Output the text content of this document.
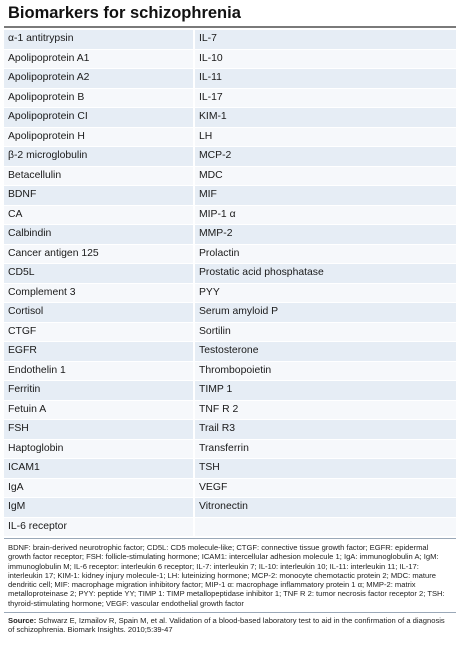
Biomarkers for schizophrenia
α-1 antitrypsin	IL-7
Apolipoprotein A1	IL-10
Apolipoprotein A2	IL-11
Apolipoprotein B	IL-17
Apolipoprotein CI	KIM-1
Apolipoprotein H	LH
β-2 microglobulin	MCP-2
Betacellulin	MDC
BDNF	MIF
CA	MIP-1 α
Calbindin	MMP-2
Cancer antigen 125	Prolactin
CD5L	Prostatic acid phosphatase
Complement 3	PYY
Cortisol	Serum amyloid P
CTGF	Sortilin
EGFR	Testosterone
Endothelin 1	Thrombopoietin
Ferritin	TIMP 1
Fetuin A	TNF R 2
FSH	Trail R3
Haptoglobin	Transferrin
ICAM1	TSH
IgA	VEGF
IgM	Vitronectin
IL-6 receptor	
BDNF: brain-derived neurotrophic factor; CD5L: CD5 molecule-like; CTGF: connective tissue growth factor; EGFR: epidermal growth factor receptor; FSH: follicle-stimulating hormone; ICAM1: intercellular adhesion molecule 1; IgA: immunoglobulin A; IgM: immunoglobulin M; IL-6 receptor: interleukin 6 receptor; IL-7: interleukin 7; IL-10: interleukin 10; IL-11: interleukin 11; IL-17: interleukin 17; KIM-1: kidney injury molecule-1; LH: luteinizing hormone; MCP-2: monocyte chemotactic protein 2; MDC: mature dendritic cell; MIF: macrophage migration inhibitory factor; MIP-1 α: macrophage inflammatory protein 1 α; MMP-2: matrix metalloproteinase 2; PYY: peptide YY; TIMP 1: TIMP metallopeptidase inhibitor 1; TNF R 2: tumor necrosis factor receptor 2; TSH: thyroid-stimulating hormone; VEGF: vascular endothelial growth factor
Source: Schwarz E, Izmailov R, Spain M, et al. Validation of a blood-based laboratory test to aid in the confirmation of a diagnosis of schizophrenia. Biomark Insights. 2010;5:39-47
